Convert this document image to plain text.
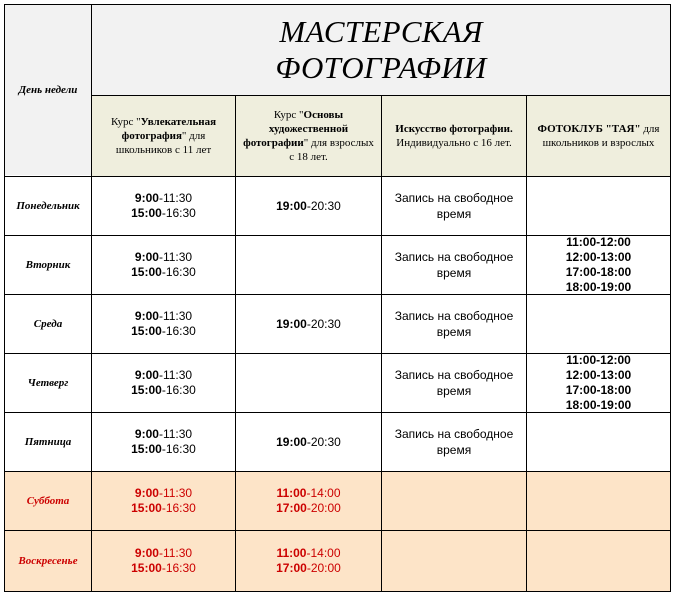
День недели
МАСТЕРСКАЯ
ФОТОГРАФИИ
Курс "Увлекательная фотография" для школьников с 11 лет
Курс "Основы художественной фотографии" для взрослых с 18 лет.
Искусство фотографии. Индивидуально с 16 лет.
ФОТОКЛУБ "ТАЯ" для школьников и взрослых
Понедельник
9:00-11:30
15:00-16:30
19:00-20:30
Запись на свободное время
Вторник
9:00-11:30
15:00-16:30
Запись на свободное время
11:00-12:00
12:00-13:00
17:00-18:00
18:00-19:00
Среда
9:00-11:30
15:00-16:30
19:00-20:30
Запись на свободное время
Четверг
9:00-11:30
15:00-16:30
Запись на свободное время
11:00-12:00
12:00-13:00
17:00-18:00
18:00-19:00
Пятница
9:00-11:30
15:00-16:30
19:00-20:30
Запись на свободное время
Суббота
9:00-11:30
15:00-16:30
11:00-14:00
17:00-20:00
Воскресенье
9:00-11:30
15:00-16:30
11:00-14:00
17:00-20:00
